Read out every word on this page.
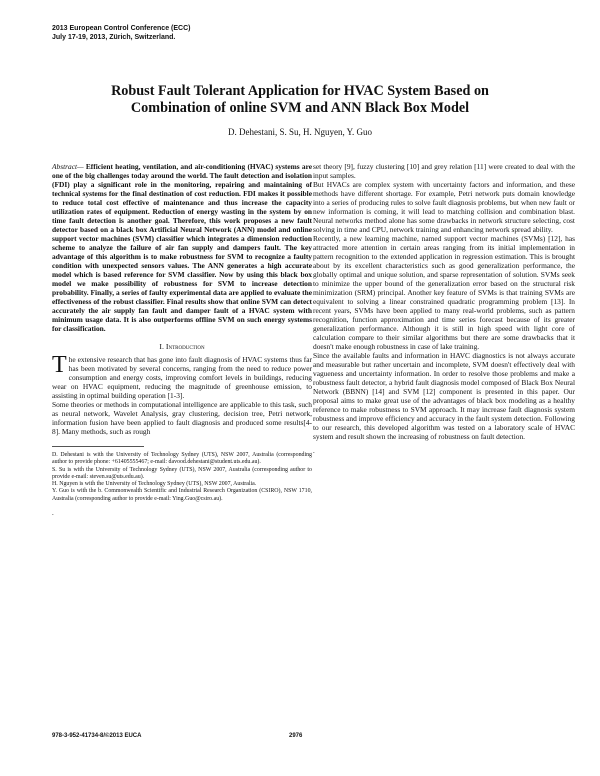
2013 European Control Conference (ECC)
July 17-19, 2013, Zürich, Switzerland.
Robust Fault Tolerant Application for HVAC System Based on
Combination of online SVM and ANN Black Box Model
D. Dehestani, S. Su, H. Nguyen, Y. Guo

Abstract— Efficient heating, ventilation, and air-conditioning (HVAC) systems are one of the big challenges today around the world. The fault detection and isolation (FDI) play a significant role in the monitoring, repairing and maintaining of technical systems for the final destination of cost reduction. FDI makes it possible to reduce total cost effective of maintenance and thus increase the capacity utilization rates of equipment. Reduction of energy wasting in the system by on time fault detection is another goal. Therefore, this work proposes a new fault detector based on a black box Artificial Neural Network (ANN) model and online support vector machines (SVM) classifier which integrates a dimension reduction scheme to analyze the failure of air fan supply and dampers fault. The key advantage of this algorithm is to make robustness for SVM to recognize a faulty condition with unexpected sensors values. The ANN generates a high accurate model which is based reference for SVM classifier. Now by using this black box model we make possibility of robustness for SVM to increase detection probability. Finally, a series of faulty experimental data are applied to evaluate the effectiveness of the robust classifier. Final results show that online SVM can detect accurately the air supply fan fault and damper fault of a HVAC system with minimum usage data. It is also outperforms offline SVM on such energy systems for classification.

I. Introduction

The extensive research that has gone into fault diagnosis of HVAC systems thus far has been motivated by several concerns, ranging from the need to reduce power consumption and energy costs, improving comfort levels in buildings, reducing wear on HVAC equipment, reducing the magnitude of greenhouse emission, to assisting in optimal building operation [1-3].

Some theories or methods in computational intelligence are applicable to this task, such as neural network, Wavelet Analysis, gray clustering, decision tree, Petri network, information fusion have been applied to fault diagnosis and produced some results[4-8]. Many methods, such as rough

D. Dehestani is with the University of Technology Sydney (UTS), NSW 2007, Australia (corresponding author to provide phone: +61405555467; e-mail: davood.dehestani@student.uts.edu.au).

S. Su is with the University of Technology Sydney (UTS), NSW 2007, Australia (corresponding author to provide e-mail: steven.su@uts.edu.au).

H. Nguyen is with the University of Technology Sydney (UTS), NSW 2007, Australia.

Y. Guo is with the b. Commonwealth Scientific and Industrial Research Organization (CSIRO), NSW 1710, Australia (corresponding author to provide e-mail: Ying.Guo@csiro.au).

.

set theory [9], fuzzy clustering [10] and grey relation [11] were created to deal with the input samples.

But HVACs are complex system with uncertainty factors and information, and these methods have different shortage. For example, Petri network puts domain knowledge into a series of producing rules to solve fault diagnosis problems, but when new fault or new information is coming, it will lead to matching collision and combination blast. Neural networks method alone has some drawbacks in network structure selecting, cost solving in time and CPU, network training and enhancing network spread ability.

Recently, a new learning machine, named support vector machines (SVMs) [12], has attracted more attention in certain areas ranging from its initial implementation in pattern recognition to the extended application in regression estimation. This is brought about by its excellent characteristics such as good generalization performance, the globally optimal and unique solution, and sparse representation of solution. SVMs seek to minimize the upper bound of the generalization error based on the structural risk minimization (SRM) principal. Another key feature of SVMs is that training SVMs are equivalent to solving a linear constrained quadratic programming problem [13]. In recent years, SVMs have been applied to many real-world problems, such as pattern recognition, function approximation and time series forecast because of its greater generalization performance. Although it is still in high speed with light core of calculation compare to their similar algorithms but there are some drawbacks that it doesn't make enough robustness in case of lake training.

Since the available faults and information in HAVC diagnostics is not always accurate and measurable but rather uncertain and incomplete, SVM doesn't effectively deal with vagueness and uncertainty information. In order to resolve those problems and make a robustness fault detector, a hybrid fault diagnosis model composed of Black Box Neural Network (BBNN) [14] and SVM [12] component is presented in this paper. Our proposal aims to make great use of the advantages of black box modeling as a healthy reference to make robustness to SVM approach. It may increase fault diagnosis system robustness and improve efficiency and accuracy in the fault system detection. Following to our research, this developed algorithm was tested on a laboratory scale of HVAC system and result shown the increasing of robustness on fault detection.

.
978-3-952-41734-8/©2013 EUCA	2976
